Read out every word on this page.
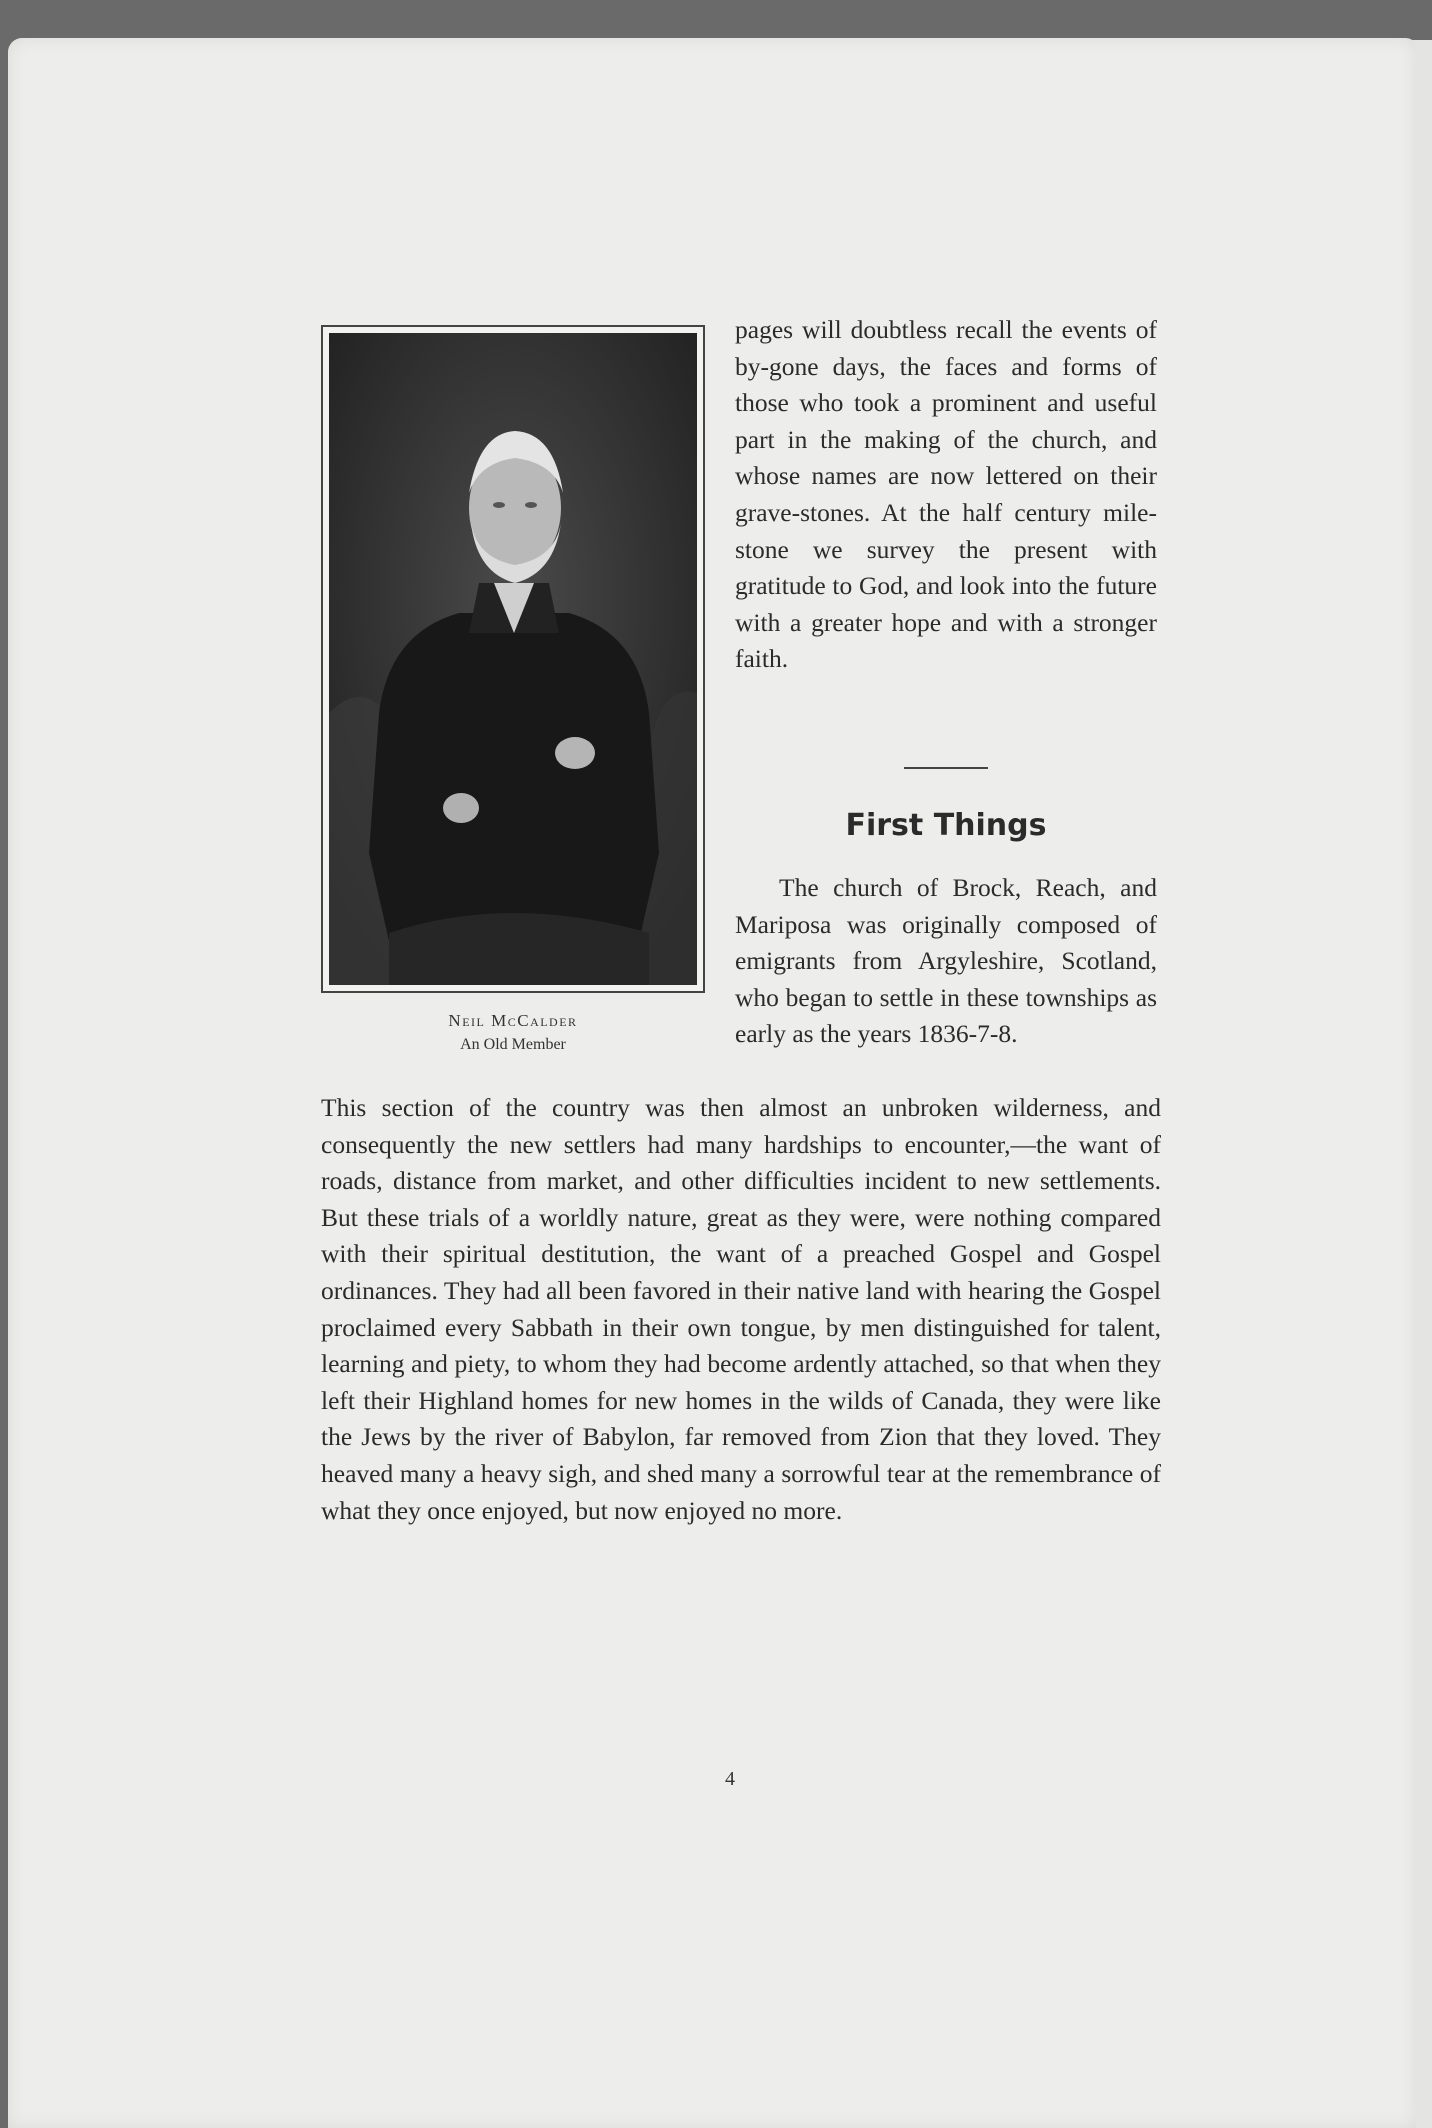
Neil McCalder
An Old Member

pages will doubtless recall the events of by-gone days, the faces and forms of those who took a prominent and useful part in the making of the church, and whose names are now lettered on their grave-stones. At the half century mile-stone we survey the present with gratitude to God, and look into the future with a greater hope and with a stronger faith.

First Things

The church of Brock, Reach, and Mariposa was originally composed of emigrants from Argyleshire, Scotland, who began to settle in these townships as early as the years 1836-7-8.

This section of the country was then almost an unbroken wilderness, and consequently the new settlers had many hardships to encounter,—the want of roads, distance from market, and other difficulties incident to new settlements. But these trials of a worldly nature, great as they were, were nothing compared with their spiritual destitution, the want of a preached Gospel and Gospel ordinances. They had all been favored in their native land with hearing the Gospel proclaimed every Sabbath in their own tongue, by men distinguished for talent, learning and piety, to whom they had become ardently attached, so that when they left their Highland homes for new homes in the wilds of Canada, they were like the Jews by the river of Babylon, far removed from Zion that they loved. They heaved many a heavy sigh, and shed many a sorrowful tear at the remembrance of what they once enjoyed, but now enjoyed no more.

4
